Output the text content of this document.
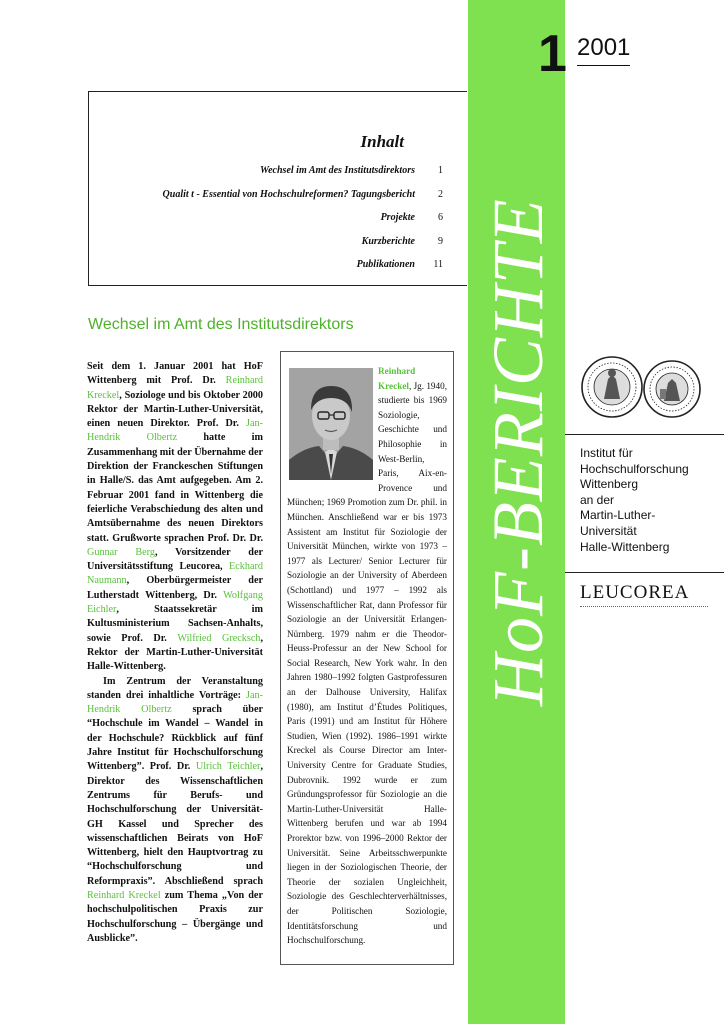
HoF-BERICHTE
1 2001
Inhalt
Wechsel im Amt des Institutsdirektors	1
Qualit t - Essential von Hochschulreformen? Tagungsbericht	2
Projekte	6
Kurzberichte	9
Publikationen	11
Wechsel im Amt des Institutsdirektors

Seit dem 1. Januar 2001 hat HoF Wittenberg mit Prof. Dr. Reinhard Kreckel, Soziologe und bis Oktober 2000 Rektor der Martin-Luther-Universität, einen neuen Direktor. Prof. Dr. Jan-Hendrik Olbertz hatte im Zusammenhang mit der Übernahme der Direktion der Franckeschen Stiftungen in Halle/S. das Amt aufgegeben. Am 2. Februar 2001 fand in Wittenberg die feierliche Verabschiedung des alten und Amtsübernahme des neuen Direktors statt. Grußworte sprachen Prof. Dr. Dr. Gunnar Berg, Vorsitzender der Universitätsstiftung Leucorea, Eckhard Naumann, Oberbürgermeister der Lutherstadt Wittenberg, Dr. Wolfgang Eichler, Staatssekretär im Kultusministerium Sachsen-Anhalts, sowie Prof. Dr. Wilfried Grecksch, Rektor der Martin-Luther-Universität Halle-Wittenberg.

Im Zentrum der Veranstaltung standen drei inhaltliche Vorträge: Jan-Hendrik Olbertz sprach über “Hochschule im Wandel – Wandel in der Hochschule? Rückblick auf fünf Jahre Institut für Hochschulforschung Wittenberg”. Prof. Dr. Ulrich Teichler, Direktor des Wissenschaftlichen Zentrums für Berufs- und Hochschulforschung der Universität-GH Kassel und Sprecher des wissenschaftlichen Beirats von HoF Wittenberg, hielt den Hauptvortrag zu “Hochschulforschung und Reformpraxis”. Abschließend sprach Reinhard Kreckel zum Thema „Von der hochschulpolitischen Praxis zur Hochschulforschung – Übergänge und Ausblicke”.

Reinhard Kreckel, Jg. 1940, studierte bis 1969 Soziologie, Geschichte und Philosophie in West-Berlin, Paris, Aix-en-Provence und München; 1969 Promotion zum Dr. phil. in München. Anschließend war er bis 1973 Assistent am Institut für Soziologie der Universität München, wirkte von 1973 – 1977 als Lecturer/ Senior Lecturer für Soziologie an der University of Aberdeen (Schottland) und 1977 – 1992 als Wissenschaftlicher Rat, dann Professor für Soziologie an der Universität Erlangen-Nürnberg. 1979 nahm er die Theodor-Heuss-Professur an der New School for Social Research, New York wahr. In den Jahren 1980–1992 folgten Gastprofessuren an der Dalhouse University, Halifax (1980), am Institut d’Études Politiques, Paris (1991) und am Institut für Höhere Studien, Wien (1992). 1986–1991 wirkte Kreckel als Course Director am Inter-University Centre for Graduate Studies, Dubrovnik. 1992 wurde er zum Gründungsprofessor für Soziologie an die Martin-Luther-Universität Halle-Wittenberg berufen und war ab 1994 Prorektor bzw. von 1996–2000 Rektor der Universität. Seine Arbeitsschwerpunkte liegen in der Soziologischen Theorie, der Theorie der sozialen Ungleichheit, Soziologie des Geschlechterverhältnisses, der Politischen Soziologie, Identitätsforschung und Hochschulforschung.
Institut für
Hochschulforschung
Wittenberg
an der
Martin-Luther-
Universität
Halle-Wittenberg
LEUCOREA
